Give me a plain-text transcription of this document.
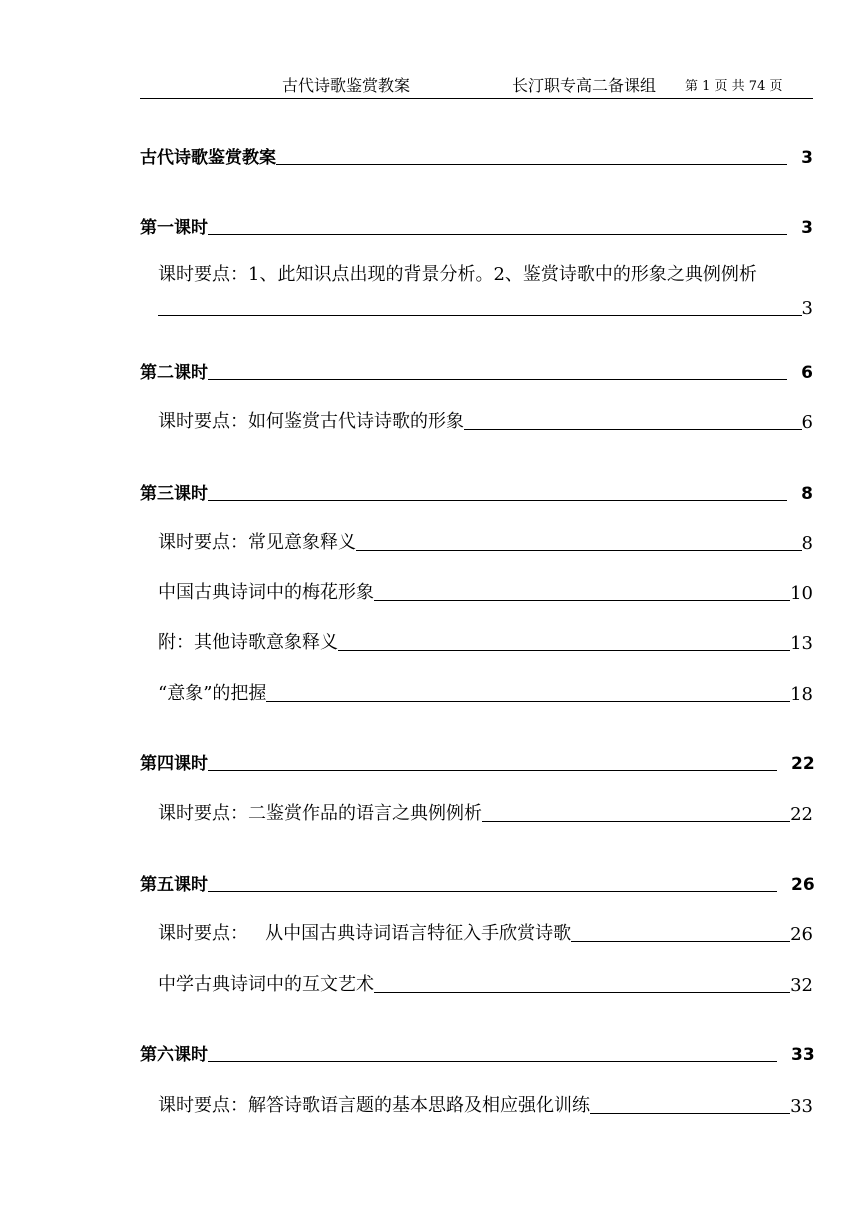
古代诗歌鉴赏教案	长汀职专高二备课组 第 1 页 共 74 页
古代诗歌鉴赏教案	3
第一课时	3
课时要点：1、此知识点出现的背景分析。2、鉴赏诗歌中的形象之典例例析
3
第二课时	6
课时要点：如何鉴赏古代诗诗歌的形象	6
第三课时	8
课时要点：常见意象释义	8
中国古典诗词中的梅花形象	10
附：其他诗歌意象释义	13
“意象”的把握	18
第四课时	22
课时要点：二鉴赏作品的语言之典例例析	22
第五课时	26
课时要点：   从中国古典诗词语言特征入手欣赏诗歌	26
中学古典诗词中的互文艺术	32
第六课时	33
课时要点：解答诗歌语言题的基本思路及相应强化训练	33
